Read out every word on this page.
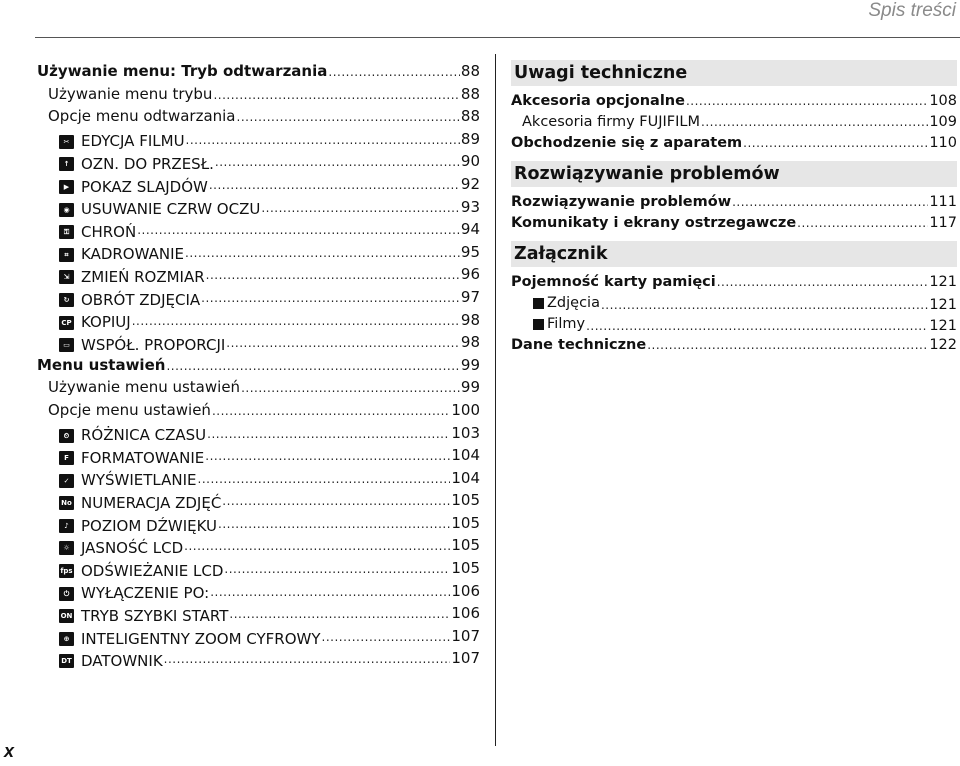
Spis treści
x
Używanie menu: Tryb odtwarzania .....	88
Używanie menu trybu .....	88
Opcje menu odtwarzania .....	88
✂ EDYCJA FILMU .....	89
↑ OZN. DO PRZESŁ. .....	90
▶ POKAZ SLAJDÓW .....	92
◉ USUWANIE CZRW OCZU .....	93
⚿ CHROŃ .....	94
⌗ KADROWANIE .....	95
⇲ ZMIEŃ ROZMIAR .....	96
↻ OBRÓT ZDJĘCIA .....	97
CP KOPIUJ .....	98
▭ WSPÓŁ. PROPORCJI .....	98
Menu ustawień .....	99
Używanie menu ustawień .....	99
Opcje menu ustawień .....	100
⏲ RÓŻNICA CZASU .....	103
F FORMATOWANIE .....	104
✓ WYŚWIETLANIE .....	104
No NUMERACJA ZDJĘĆ .....	105
♪ POZIOM DŹWIĘKU .....	105
☼ JASNOŚĆ LCD .....	105
fps ODŚWIEŻANIE LCD .....	105
⏻ WYŁĄCZENIE PO: .....	106
ON TRYB SZYBKI START .....	106
⊕ INTELIGENTNY ZOOM CYFROWY .....	107
DT DATOWNIK .....	107
Uwagi techniczne
Akcesoria opcjonalne .....	108
Akcesoria firmy FUJIFILM .....	109
Obchodzenie się z aparatem .....	110
Rozwiązywanie problemów
Rozwiązywanie problemów .....	111
Komunikaty i ekrany ostrzegawcze .....	117
Załącznik
Pojemność karty pamięci .....	121
Zdjęcia .....	121
Filmy .....	121
Dane techniczne .....	122
